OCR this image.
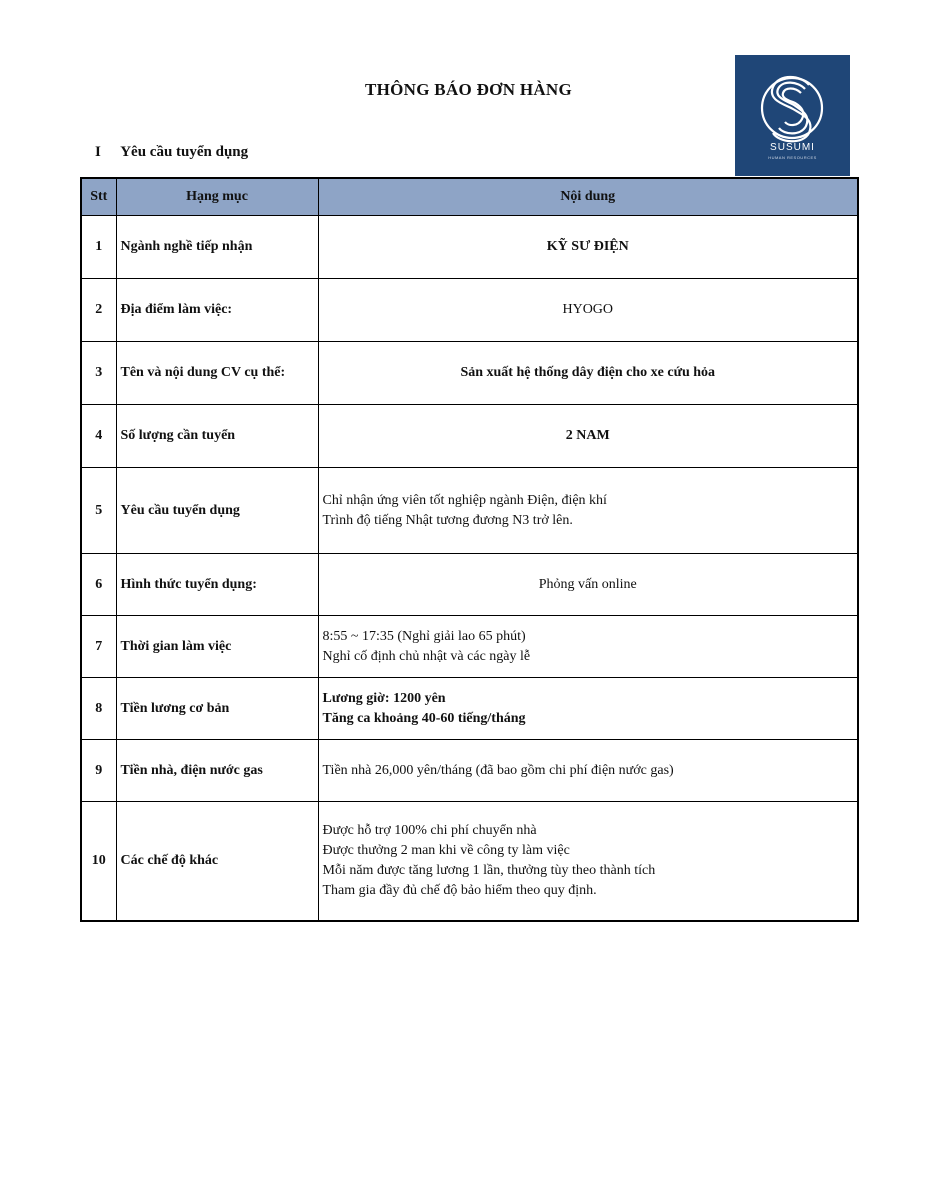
THÔNG BÁO ĐƠN HÀNG
SUSUMI
HUMAN RESOURCES
I Yêu cầu tuyển dụng
Stt	Hạng mục	Nội dung
1	Ngành nghề tiếp nhận	KỸ SƯ ĐIỆN

2	Địa điểm làm việc:	HYOGO

3	Tên và nội dung CV cụ thể:	Sản xuất hệ thống dây điện cho xe cứu hỏa

4	Số lượng cần tuyển	2 NAM

5	Yêu cầu tuyển dụng	Chỉ nhận ứng viên tốt nghiệp ngành Điện, điện khí
Trình độ tiếng Nhật tương đương N3 trở lên.

6	Hình thức tuyển dụng:	Phỏng vấn online

7	Thời gian làm việc	8:55 ~ 17:35 (Nghỉ giải lao 65 phút)
Nghỉ cố định chủ nhật và các ngày lễ

8	Tiền lương cơ bản	Lương giờ: 1200 yên
Tăng ca khoảng 40-60 tiếng/tháng

9	Tiền nhà, điện nước gas	Tiền nhà 26,000 yên/tháng (đã bao gồm chi phí điện nước gas)

10	Các chế độ khác	Được hỗ trợ 100% chi phí chuyển nhà
Được thưởng 2 man khi về công ty làm việc
Mỗi năm được tăng lương 1 lần, thưởng tùy theo thành tích
Tham gia đầy đủ chế độ bảo hiểm theo quy định.
